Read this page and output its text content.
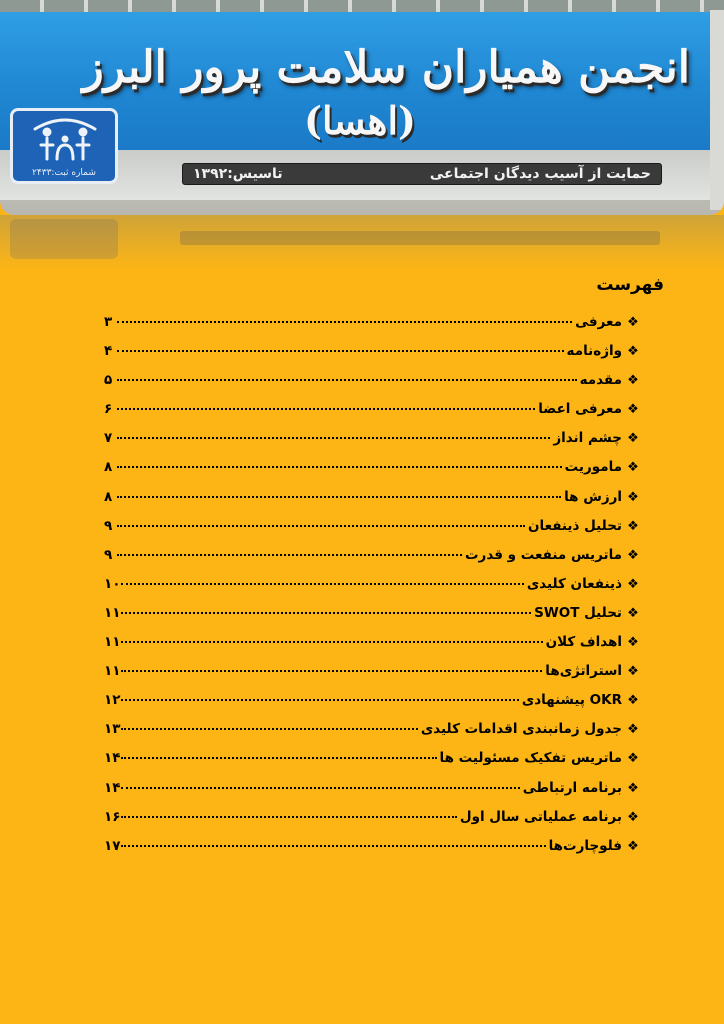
انجمن همیاران سلامت پرور البرز
(اهسا)
شماره ثبت:۲۴۳۳	حمایت از آسیب دیدگان اجتماعی
تاسیس:۱۳۹۲
فهرست
❖
معرفی
۳
❖
واژه‌نامه
۴
❖
مقدمه
۵
❖
معرفی اعضا
۶
❖
چشم انداز
۷
❖
ماموریت
۸
❖
ارزش ها
۸
❖
تحلیل ذینفعان
۹
❖
ماتریس منفعت و قدرت
۹
❖
ذینفعان کلیدی
۱۰
❖
تحلیل SWOT
۱۱
❖
اهداف کلان
۱۱
❖
استراتژی‌ها
۱۱
❖
OKR پیشنهادی
۱۲
❖
جدول زمانبندی اقدامات کلیدی
۱۳
❖
ماتریس تفکیک مسئولیت ها
۱۴
❖
برنامه ارتباطی
۱۴
❖
برنامه عملیاتی سال اول
۱۶
❖
فلوچارت‌ها
۱۷
